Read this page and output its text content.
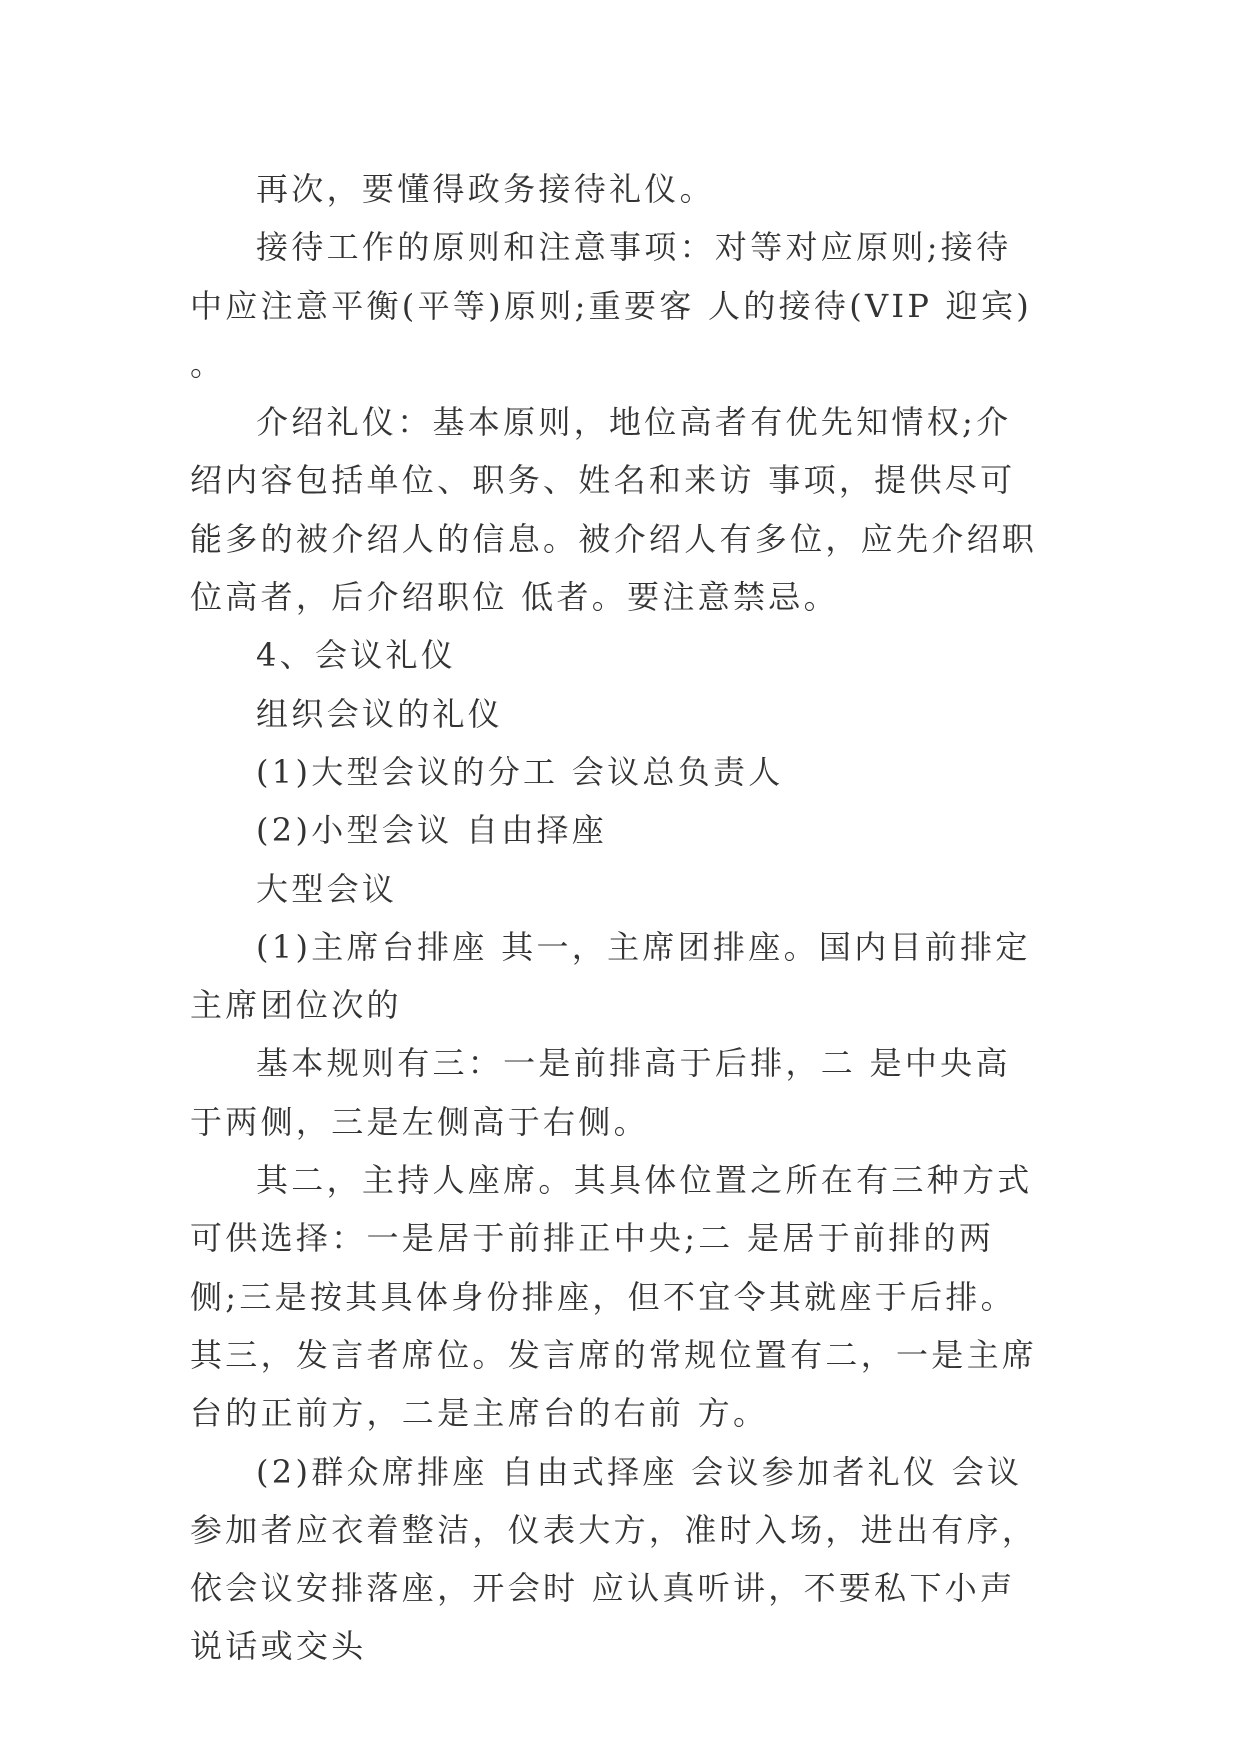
再次，要懂得政务接待礼仪。

接待工作的原则和注意事项：对等对应原则;接待中应注意平衡(平等)原则;重要客 人的接待(VIP 迎宾) 。

介绍礼仪：基本原则，地位高者有优先知情权;介绍内容包括单位、职务、姓名和来访 事项，提供尽可能多的被介绍人的信息。被介绍人有多位，应先介绍职位高者，后介绍职位 低者。要注意禁忌。

4、会议礼仪

组织会议的礼仪

(1)大型会议的分工 会议总负责人

(2)小型会议 自由择座

大型会议

(1)主席台排座 其一，主席团排座。国内目前排定主席团位次的

基本规则有三：一是前排高于后排，二 是中央高于两侧，三是左侧高于右侧。

其二，主持人座席。其具体位置之所在有三种方式可供选择：一是居于前排正中央;二 是居于前排的两侧;三是按其具体身份排座，但不宜令其就座于后排。 其三，发言者席位。发言席的常规位置有二，一是主席台的正前方，二是主席台的右前 方。

(2)群众席排座 自由式择座 会议参加者礼仪 会议参加者应衣着整洁，仪表大方，准时入场，进出有序，依会议安排落座，开会时 应认真听讲，不要私下小声说话或交头
